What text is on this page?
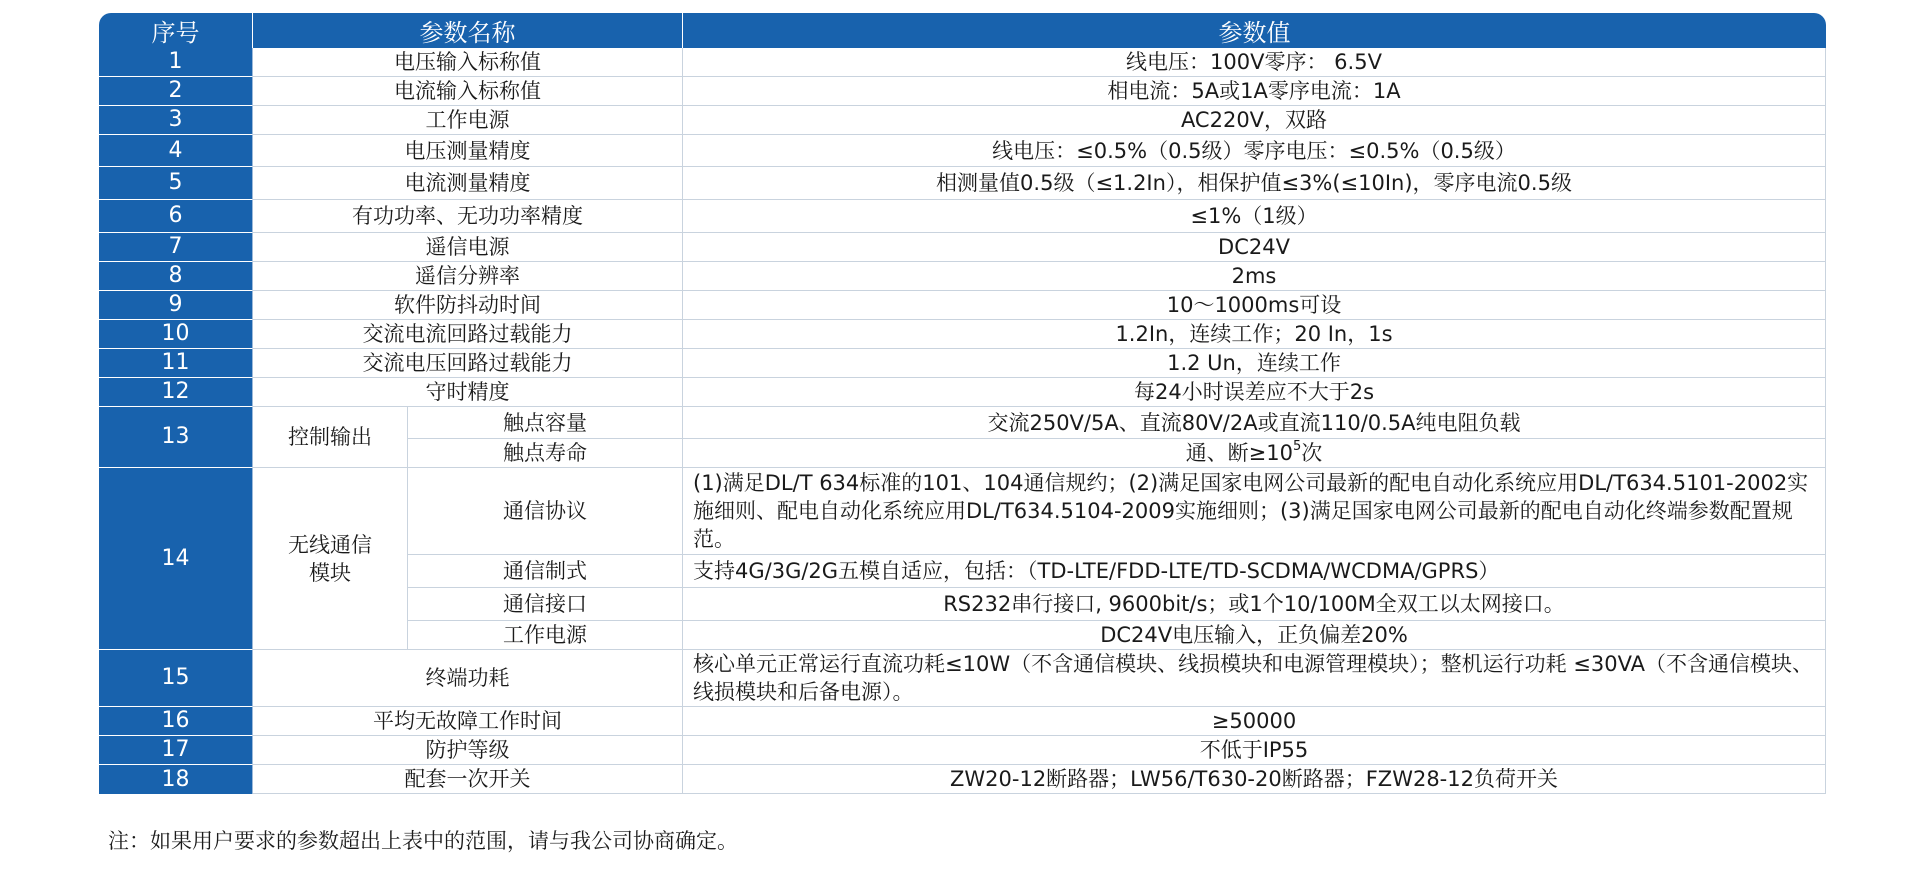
序号	参数名称		参数值
1	电压输入标称值		线电压：100V零序： 6.5V
2	电流输入标称值		相电流：5A或1A零序电流：1A
3	工作电源		AC220V，双路
4	电压测量精度		线电压：≤0.5%（0.5级）零序电压：≤0.5%（0.5级）
5	电流测量精度		相测量值0.5级（≤1.2In），相保护值≤3%(≤10In)，零序电流0.5级
6	有功功率、无功功率精度		≤1%（1级）
7	遥信电源		DC24V
8	遥信分辨率		2ms
9	软件防抖动时间		10～1000ms可设
10	交流电流回路过载能力		1.2In，连续工作；20 In，1s
11	交流电压回路过载能力		1.2 Un，连续工作
12	守时精度		每24小时误差应不大于2s
13	控制输出	触点容量	交流250V/5A、直流80V/2A或直流110/0.5A纯电阻负载
		触点寿命	通、断$\ge 10^5$次
14	无线通信模块	通信协议	(1)满足DL/T 634标准的101、104通信规约；(2)满足国家电网公司最新的配电自动化系统应用DL/T634.5101-2002实施细则、配电自动化系统应用DL/T634.5104-2009实施细则；(3)满足国家电网公司最新的配电自动化终端参数配置规范。
		通信制式	支持4G/3G/2G五模自适应，包括：（TD-LTE/FDD-LTE/TD-SCDMA/WCDMA/GPRS）
		通信接口	RS232串行接口, 9600bit/s；或1个10/100M全双工以太网接口。
		工作电源	DC24V电压输入，正负偏差20%
15	终端功耗		核心单元正常运行直流功耗≤10W（不含通信模块、线损模块和电源管理模块）；整机运行功耗 ≤30VA（不含通信模块、线损模块和后备电源）。
16	平均无故障工作时间		≥50000
17	防护等级		不低于IP55
18	配套一次开关		ZW20-12断路器；LW56/T630-20断路器；FZW28-12负荷开关
注：如果用户要求的参数超出上表中的范围，请与我公司协商确定。
